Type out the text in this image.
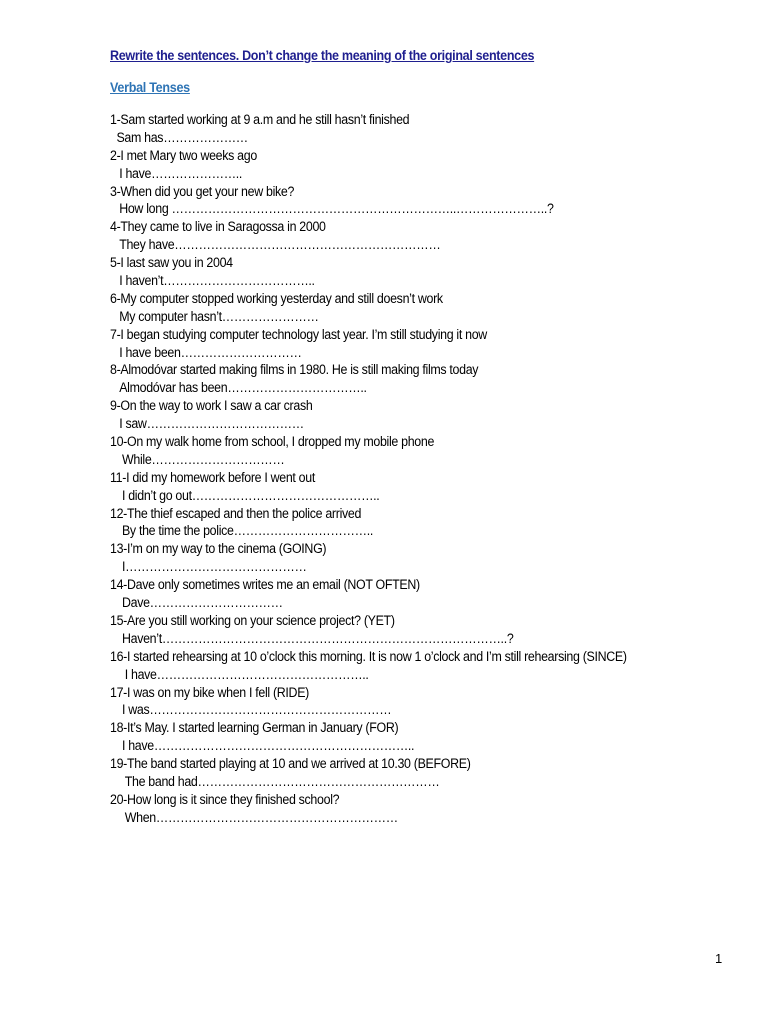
Rewrite the sentences. Don’t change the meaning of the original sentences
Verbal Tenses
1-Sam started working at 9 a.m and he still hasn’t finished
Sam has…………………
2-I met Mary two weeks ago
I have…………………..
3-When did you get your new bike?
How long ……………………………………………………………..…………………..?
4-They came to live in Saragossa in 2000
They have…………………………………………………………
5-I last saw you in 2004
I haven’t………………………………..
6-My computer stopped working yesterday and still doesn’t work
My computer hasn’t……………………
7-I began studying computer technology last year. I’m still studying it now
I have been…………………………
8-Almodóvar started making films in 1980. He is still making films today
Almodóvar has been……………………………..
9-On the way to work I saw a car crash
I saw…………………………………
10-On my walk home from school, I dropped my mobile phone
While……………………………
11-I did my homework before I went out
I didn’t go out………………………………………..
12-The thief escaped and then the police arrived
By the time the police……………………………..
13-I’m on my way to the cinema (GOING)
I………………………………………
14-Dave only sometimes writes me an email (NOT OFTEN)
Dave……………………………
15-Are you still working on your science project? (YET)
Haven’t…………………………………………………………………………..?
16-I started rehearsing at 10 o’clock this morning. It is now 1 o’clock and I’m still rehearsing (SINCE)
I have……………………………………………..
17-I was on my bike when I fell (RIDE)
I was……………………………………………………
18-It’s May. I started learning German in January (FOR)
I have………………………………………………………..
19-The band started playing at 10 and we arrived at 10.30 (BEFORE)
The band had……………………………………………………
20-How long is it since they finished school?
When……………………………………………………
1
